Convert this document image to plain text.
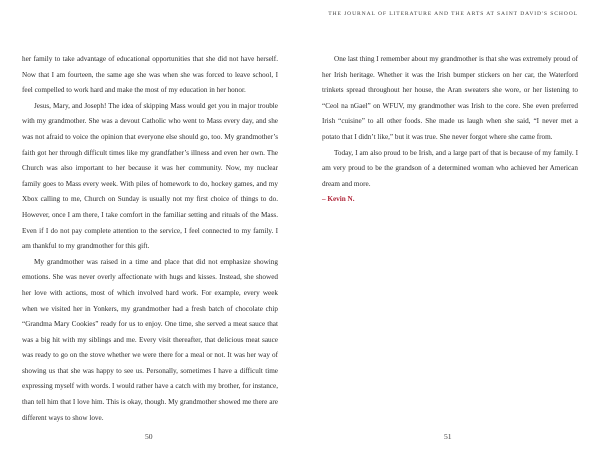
THE JOURNAL OF LITERATURE AND THE ARTS AT SAINT DAVID'S SCHOOL

her family to take advantage of educational opportunities that she did not have herself. Now that I am fourteen, the same age she was when she was forced to leave school, I feel compelled to work hard and make the most of my education in her honor.

Jesus, Mary, and Joseph! The idea of skipping Mass would get you in major trouble with my grandmother. She was a devout Catholic who went to Mass every day, and she was not afraid to voice the opinion that everyone else should go, too. My grandmother’s faith got her through difficult times like my grandfather’s illness and even her own. The Church was also important to her because it was her community. Now, my nuclear family goes to Mass every week. With piles of homework to do, hockey games, and my Xbox calling to me, Church on Sunday is usually not my first choice of things to do. However, once I am there, I take comfort in the familiar setting and rituals of the Mass. Even if I do not pay complete attention to the service, I feel connected to my family. I am thankful to my grandmother for this gift.

My grandmother was raised in a time and place that did not emphasize showing emotions. She was never overly affectionate with hugs and kisses. Instead, she showed her love with actions, most of which involved hard work. For example, every week when we visited her in Yonkers, my grandmother had a fresh batch of chocolate chip “Grandma Mary Cookies” ready for us to enjoy. One time, she served a meat sauce that was a big hit with my siblings and me. Every visit thereafter, that delicious meat sauce was ready to go on the stove whether we were there for a meal or not. It was her way of showing us that she was happy to see us. Personally, sometimes I have a difficult time expressing myself with words. I would rather have a catch with my brother, for instance, than tell him that I love him. This is okay, though. My grandmother showed me there are different ways to show love.

One last thing I remember about my grandmother is that she was extremely proud of her Irish heritage. Whether it was the Irish bumper stickers on her car, the Waterford trinkets spread throughout her house, the Aran sweaters she wore, or her listening to “Ceol na nGael” on WFUV, my grandmother was Irish to the core. She even preferred Irish “cuisine” to all other foods. She made us laugh when she said, “I never met a potato that I didn’t like,” but it was true. She never forgot where she came from.

Today, I am also proud to be Irish, and a large part of that is because of my family. I am very proud to be the grandson of a determined woman who achieved her American dream and more.

– Kevin N.

50	51
